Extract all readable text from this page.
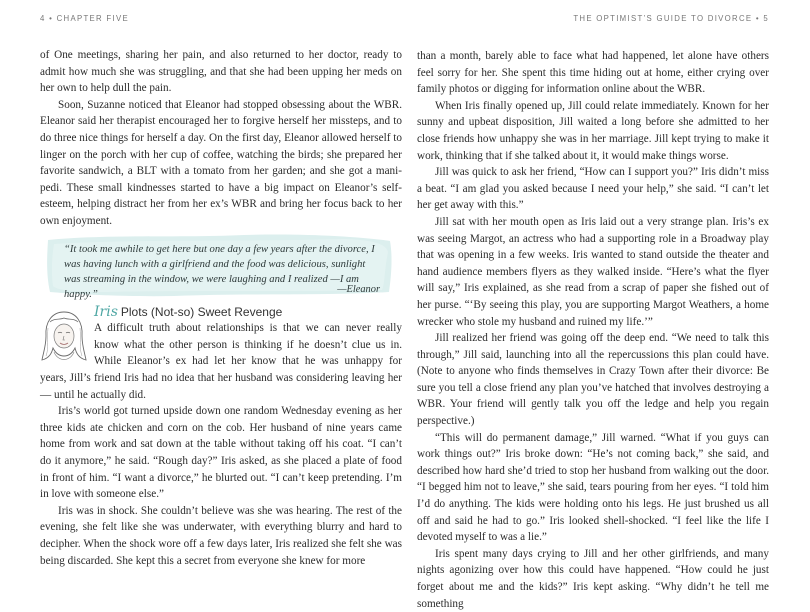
4 • CHAPTER FIVE

of One meetings, sharing her pain, and also returned to her doctor, ready to admit how much she was struggling, and that she had been upping her meds on her own to help dull the pain.

Soon, Suzanne noticed that Eleanor had stopped obsessing about the WBR. Eleanor said her therapist encouraged her to forgive herself her missteps, and to do three nice things for herself a day. On the first day, Eleanor allowed herself to linger on the porch with her cup of coffee, watching the birds; she prepared her favorite sandwich, a BLT with a tomato from her garden; and she got a mani-pedi. These small kindnesses started to have a big impact on Eleanor’s self-esteem, helping distract her from her ex’s WBR and bring her focus back to her own enjoyment.

“It took me awhile to get here but one day a few years after the divorce, I was having lunch with a girlfriend and the food was delicious, sunlight was streaming in the window, we were laughing and I realized —I am happy.”	—Eleanor
Iris Plots (Not-so) Sweet Revenge
A difficult truth about relationships is that we can never really
know what the other person is thinking if he doesn’t clue us in.
While Eleanor’s ex had let her know that he was unhappy for

years, Jill’s friend Iris had no idea that her husband was considering leaving her — until he actually did.

Iris’s world got turned upside down one random Wednesday evening as her three kids ate chicken and corn on the cob. Her husband of nine years came home from work and sat down at the table without taking off his coat. “I can’t do it anymore,” he said. “Rough day?” Iris asked, as she placed a plate of food in front of him. “I want a divorce,” he blurted out. “I can’t keep pretending. I’m in love with someone else.”

Iris was in shock. She couldn’t believe was she was hearing. The rest of the evening, she felt like she was underwater, with everything blurry and hard to decipher. When the shock wore off a few days later, Iris realized she felt she was being discarded. She kept this a secret from everyone she knew for more

THE OPTIMIST’S GUIDE TO DIVORCE • 5

than a month, barely able to face what had happened, let alone have others feel sorry for her. She spent this time hiding out at home, either crying over family photos or digging for information online about the WBR.

When Iris finally opened up, Jill could relate immediately. Known for her sunny and upbeat disposition, Jill waited a long before she admitted to her close friends how unhappy she was in her marriage. Jill kept trying to make it work, thinking that if she talked about it, it would make things worse.

Jill was quick to ask her friend, “How can I support you?” Iris didn’t miss a beat. “I am glad you asked because I need your help,” she said. “I can’t let her get away with this.”

Jill sat with her mouth open as Iris laid out a very strange plan. Iris’s ex was seeing Margot, an actress who had a supporting role in a Broadway play that was opening in a few weeks. Iris wanted to stand outside the theater and hand audience members flyers as they walked inside. “Here’s what the flyer will say,” Iris explained, as she read from a scrap of paper she fished out of her purse. “‘By seeing this play, you are supporting Margot Weathers, a home wrecker who stole my husband and ruined my life.’”

Jill realized her friend was going off the deep end. “We need to talk this through,” Jill said, launching into all the repercussions this plan could have. (Note to anyone who finds themselves in Crazy Town after their divorce: Be sure you tell a close friend any plan you’ve hatched that involves destroying a WBR. Your friend will gently talk you off the ledge and help you regain perspective.)

“This will do permanent damage,” Jill warned. “What if you guys can work things out?” Iris broke down: “He’s not coming back,” she said, and described how hard she’d tried to stop her husband from walking out the door. “I begged him not to leave,” she said, tears pouring from her eyes. “I told him I’d do anything. The kids were holding onto his legs. He just brushed us all off and said he had to go.” Iris looked shell-shocked. “I feel like the life I devoted myself to was a lie.”

Iris spent many days crying to Jill and her other girlfriends, and many nights agonizing over how this could have happened. “How could he just forget about me and the kids?” Iris kept asking. “Why didn’t he tell me something
